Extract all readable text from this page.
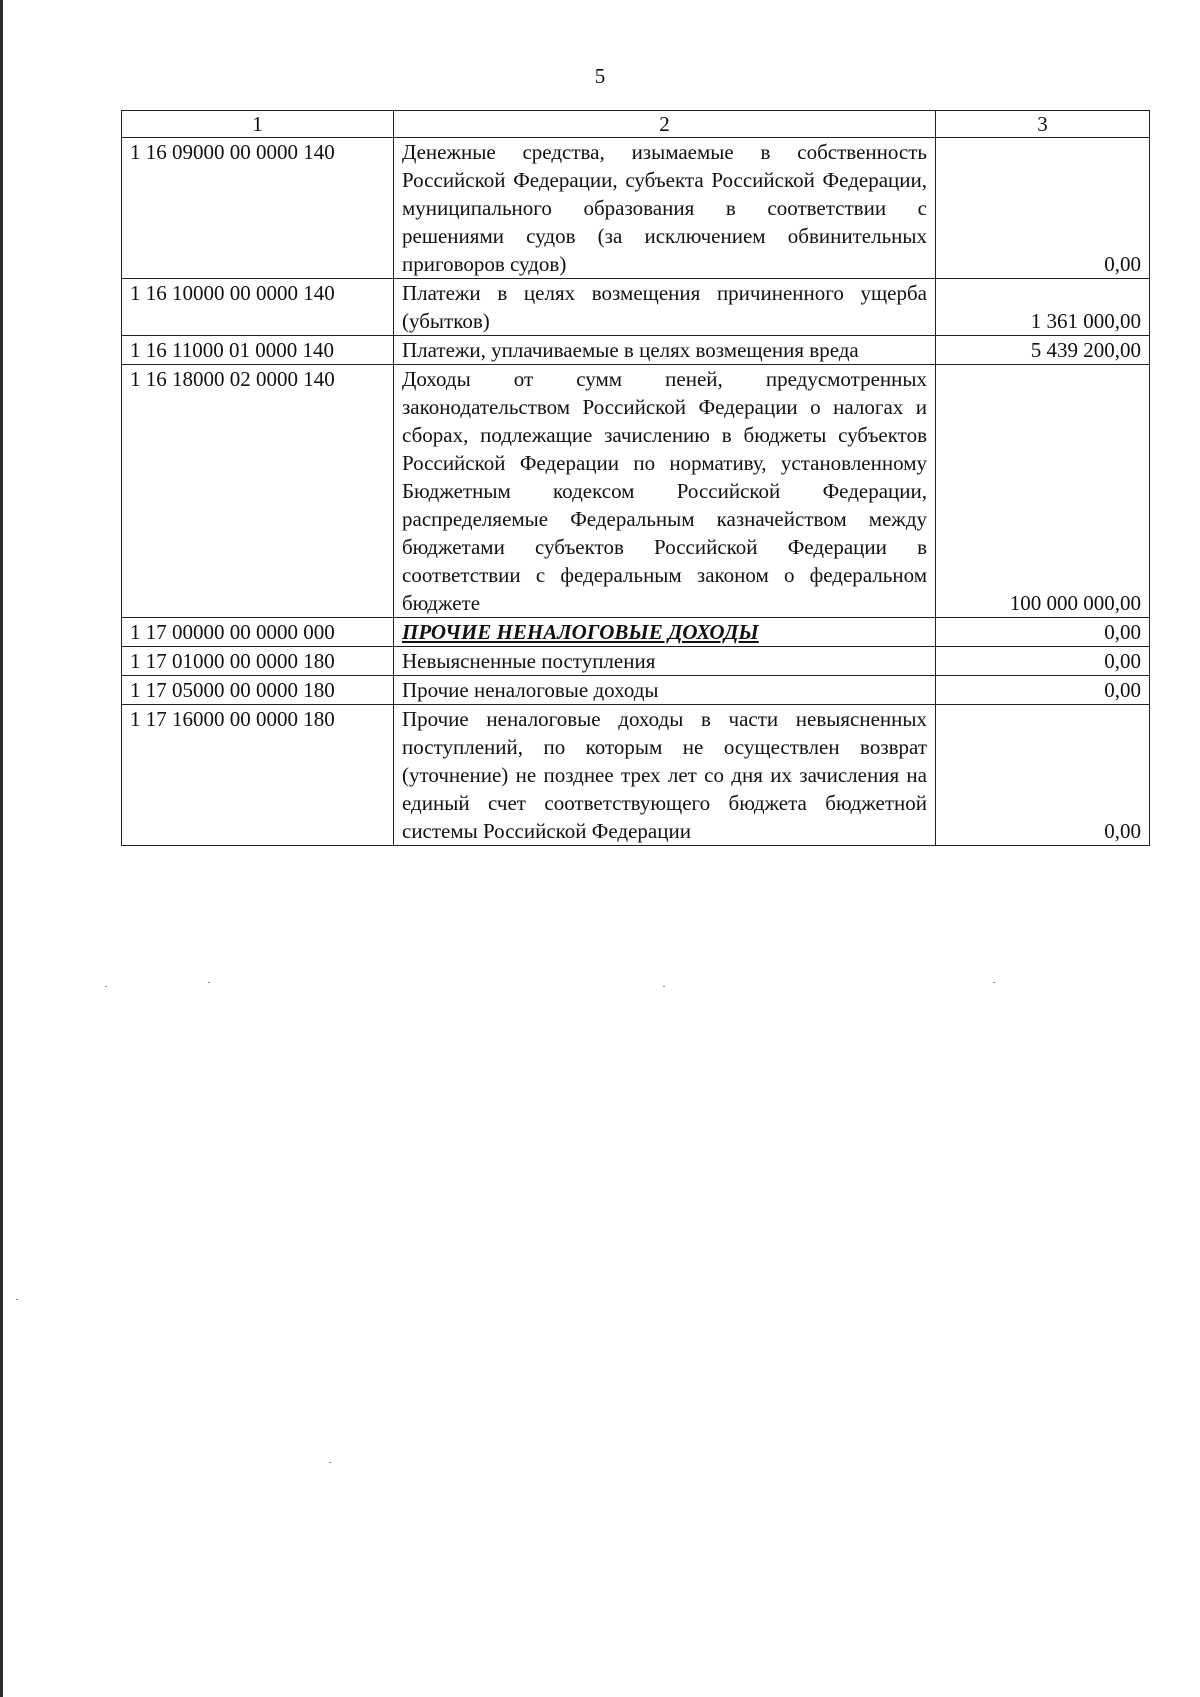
5
1	2	3
1 16 09000 00 0000 140	Денежные средства, изымаемые в собственность Российской Федерации, субъекта Российской Федерации, муниципального образования в соответствии с решениями судов (за исключением обвинительных приговоров судов)	0,00
1 16 10000 00 0000 140	Платежи в целях возмещения причиненного ущерба (убытков)	1 361 000,00
1 16 11000 01 0000 140	Платежи, уплачиваемые в целях возмещения вреда	5 439 200,00
1 16 18000 02 0000 140	Доходы от сумм пеней, предусмотренных законодательством Российской Федерации о налогах и сборах, подлежащие зачислению в бюджеты субъектов Российской Федерации по нормативу, установленному Бюджетным кодексом Российской Федерации, распределяемые Федеральным казначейством между бюджетами субъектов Российской Федерации в соответствии с федеральным законом о федеральном бюджете	100 000 000,00
1 17 00000 00 0000 000	ПРОЧИЕ НЕНАЛОГОВЫЕ ДОХОДЫ	0,00
1 17 01000 00 0000 180	Невыясненные поступления	0,00
1 17 05000 00 0000 180	Прочие неналоговые доходы	0,00
1 17 16000 00 0000 180	Прочие неналоговые доходы в части невыясненных поступлений, по которым не осуществлен возврат (уточнение) не позднее трех лет со дня их зачисления на единый счет соответствующего бюджета бюджетной системы Российской Федерации	0,00
